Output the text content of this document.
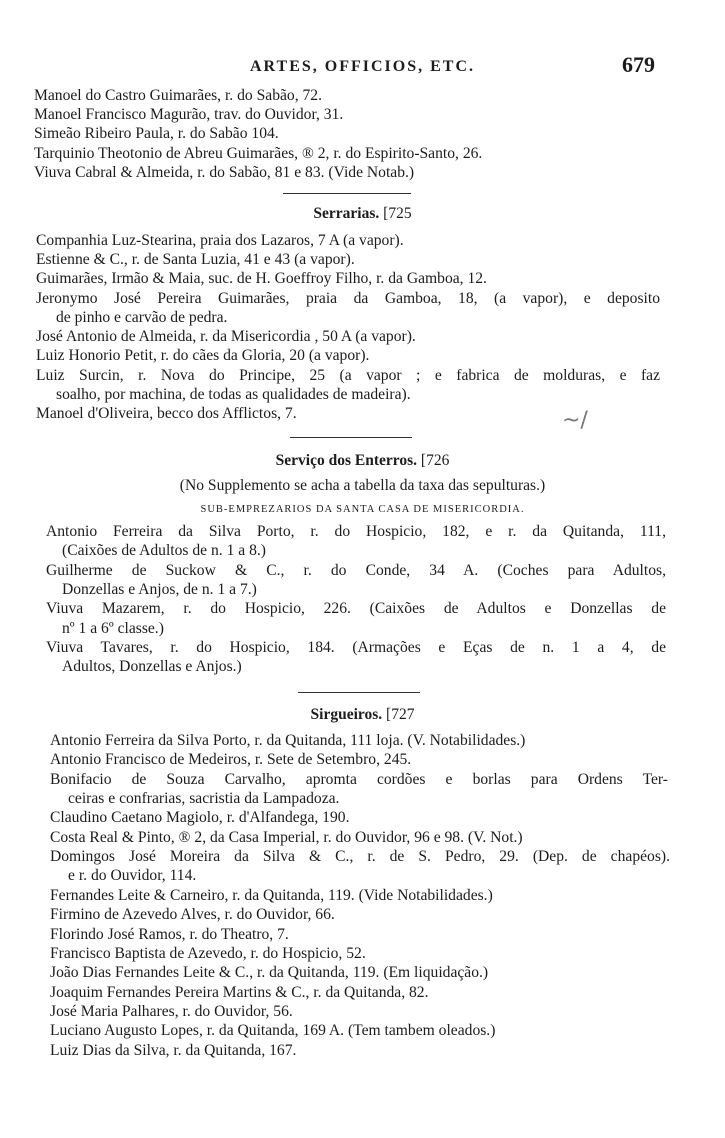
ARTES, OFFICIOS, ETC.	679
Manoel do Castro Guimarães, r. do Sabão, 72.
Manoel Francisco Magurão, trav. do Ouvidor, 31.
Simeão Ribeiro Paula, r. do Sabão 104.
Tarquinio Theotonio de Abreu Guimarães, ® 2, r. do Espirito-Santo, 26.
Viuva Cabral & Almeida, r. do Sabão, 81 e 83. (Vide Notab.)
Serrarias. [725
Companhia Luz-Stearina, praia dos Lazaros, 7 A (a vapor).
Estienne & C., r. de Santa Luzia, 41 e 43 (a vapor).
Guimarães, Irmão & Maia, suc. de H. Goeffroy Filho, r. da Gamboa, 12.
Jeronymo José Pereira Guimarães, praia da Gamboa, 18, (a vapor), e deposito
de pinho e carvão de pedra.
José Antonio de Almeida, r. da Misericordia , 50 A (a vapor).
Luiz Honorio Petit, r. do cães da Gloria, 20 (a vapor).
Luiz Surcin, r. Nova do Principe, 25 (a vapor ; e fabrica de molduras, e faz
soalho, por machina, de todas as qualidades de madeira).
Manoel d'Oliveira, becco dos Afflictos, 7.	~/
Serviço dos Enterros. [726
(No Supplemento se acha a tabella da taxa das sepulturas.)
SUB-EMPREZARIOS DA SANTA CASA DE MISERICORDIA.
Antonio Ferreira da Silva Porto, r. do Hospicio, 182, e r. da Quitanda, 111,
(Caixões de Adultos de n. 1 a 8.)
Guilherme de Suckow & C., r. do Conde, 34 A. (Coches para Adultos,
Donzellas e Anjos, de n. 1 a 7.)
Viuva Mazarem, r. do Hospicio, 226. (Caixões de Adultos e Donzellas de
nº 1 a 6º classe.)
Viuva Tavares, r. do Hospicio, 184. (Armações e Eças de n. 1 a 4, de
Adultos, Donzellas e Anjos.)
Sirgueiros. [727
Antonio Ferreira da Silva Porto, r. da Quitanda, 111 loja. (V. Notabilidades.)
Antonio Francisco de Medeiros, r. Sete de Setembro, 245.
Bonifacio de Souza Carvalho, apromta cordões e borlas para Ordens Ter-
ceiras e confrarias, sacristia da Lampadoza.
Claudino Caetano Magiolo, r. d'Alfandega, 190.
Costa Real & Pinto, ® 2, da Casa Imperial, r. do Ouvidor, 96 e 98. (V. Not.)
Domingos José Moreira da Silva & C., r. de S. Pedro, 29. (Dep. de chapéos).
e r. do Ouvidor, 114.
Fernandes Leite & Carneiro, r. da Quitanda, 119. (Vide Notabilidades.)
Firmino de Azevedo Alves, r. do Ouvidor, 66.
Florindo José Ramos, r. do Theatro, 7.
Francisco Baptista de Azevedo, r. do Hospicio, 52.
João Dias Fernandes Leite & C., r. da Quitanda, 119. (Em liquidação.)
Joaquim Fernandes Pereira Martins & C., r. da Quitanda, 82.
José Maria Palhares, r. do Ouvidor, 56.
Luciano Augusto Lopes, r. da Quitanda, 169 A. (Tem tambem oleados.)
Luiz Dias da Silva, r. da Quitanda, 167.
